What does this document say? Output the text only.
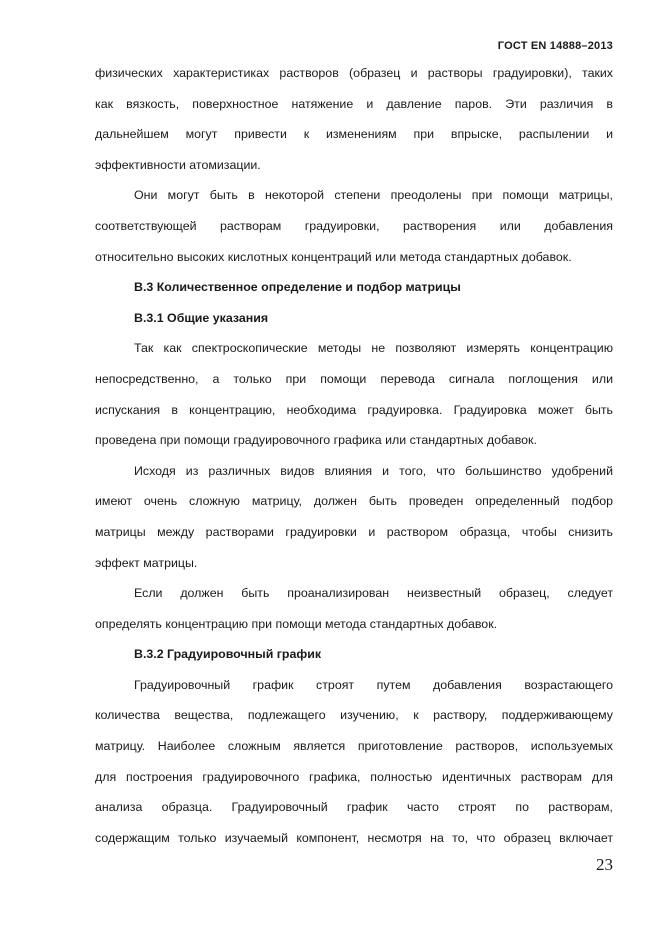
ГОСТ EN 14888–2013
физических характеристиках растворов (образец и растворы градуировки), таких
как вязкость, поверхностное натяжение и давление паров. Эти различия в
дальнейшем могут привести к изменениям при впрыске, распылении и
эффективности атомизации.
Они могут быть в некоторой степени преодолены при помощи матрицы,
соответствующей растворам градуировки, растворения или добавления
относительно высоких кислотных концентраций или метода стандартных добавок.
В.3 Количественное определение и подбор матрицы
В.3.1 Общие указания
Так как спектроскопические методы не позволяют измерять концентрацию
непосредственно, а только при помощи перевода сигнала поглощения или
испускания в концентрацию, необходима градуировка. Градуировка может быть
проведена при помощи градуировочного графика или стандартных добавок.
Исходя из различных видов влияния и того, что большинство удобрений
имеют очень сложную матрицу, должен быть проведен определенный подбор
матрицы между растворами градуировки и раствором образца, чтобы снизить
эффект матрицы.
Если должен быть проанализирован неизвестный образец, следует
определять концентрацию при помощи метода стандартных добавок.
В.3.2 Градуировочный график
Градуировочный график строят путем добавления возрастающего
количества вещества, подлежащего изучению, к раствору, поддерживающему
матрицу. Наиболее сложным является приготовление растворов, используемых
для построения градуировочного графика, полностью идентичных растворам для
анализа образца. Градуировочный график часто строят по растворам,
содержащим только изучаемый компонент, несмотря на то, что образец включает
23
